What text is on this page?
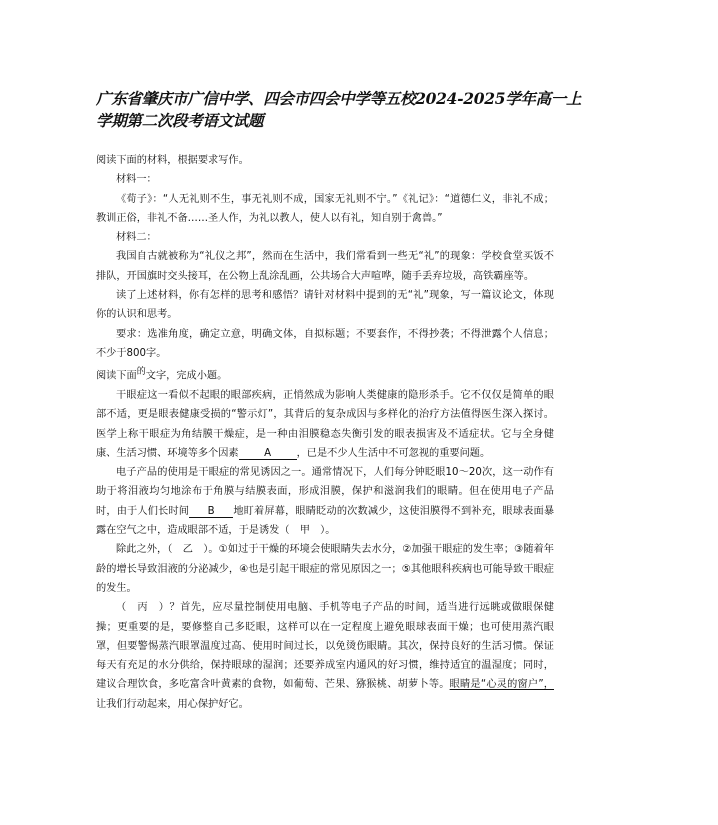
广东省肇庆市广信中学、四会市四会中学等五校2024-2025学年高一上
学期第二次段考语文试题

阅读下面的材料，根据要求写作。

材料一：

《荀子》：“人无礼则不生，事无礼则不成，国家无礼则不宁。”《礼记》：“道德仁义，非礼不成；教训正俗，非礼不备……圣人作，为礼以教人，使人以有礼，知自别于禽兽。”

材料二：

我国自古就被称为“礼仪之邦”，然而在生活中，我们常看到一些无“礼”的现象：学校食堂买饭不排队，开国旗时交头接耳，在公物上乱涂乱画，公共场合大声喧哗，随手丢弃垃圾，高铁霸座等。

读了上述材料，你有怎样的思考和感悟？请针对材料中提到的无“礼”现象，写一篇议论文，体现你的认识和思考。

要求：选准角度，确定立意，明确文体，自拟标题；不要套作，不得抄袭；不得泄露个人信息；不少于800字。

阅读下面$^的$文字，完成小题。

干眼症这一看似不起眼的眼部疾病，正悄然成为影响人类健康的隐形杀手。它不仅仅是简单的眼部不适，更是眼表健康受损的“警示灯”，其背后的复杂成因与多样化的治疗方法值得医生深入探讨。医学上称干眼症为角结膜干燥症，是一种由泪膜稳态失衡引发的眼表损害及不适症状。它与全身健康、生活习惯、环境等多个因素	A	，已是不少人生活中不可忽视的重要问题。

电子产品的使用是干眼症的常见诱因之一。通常情况下，人们每分钟眨眼10～20次，这一动作有助于将泪液均匀地涂布于角膜与结膜表面，形成泪膜，保护和滋润我们的眼睛。但在使用电子产品时，由于人们长时间 B 地盯着屏幕，眼睛眨动的次数减少，这使泪膜得不到补充，眼球表面暴露在空气之中，造成眼部不适，于是诱发（　甲　）。

除此之外，（　乙　）。①如过于干燥的环境会使眼睛失去水分，②加强干眼症的发生率；③随着年龄的增长导致泪液的分泌减少，④也是引起干眼症的常见原因之一；⑤其他眼科疾病也可能导致干眼症的发生。

（　丙　）？首先，应尽量控制使用电脑、手机等电子产品的时间，适当进行远眺或做眼保健操；更重要的是，要修整自己多眨眼，这样可以在一定程度上避免眼球表面干燥；也可使用蒸汽眼罩，但要警惕蒸汽眼罩温度过高、使用时间过长，以免烫伤眼睛。其次，保持良好的生活习惯。保证每天有充足的水分供给，保持眼球的湿润；还要养成室内通风的好习惯，维持适宜的温湿度；同时，建议合理饮食，多吃富含叶黄素的食物，如葡萄、芒果、猕猴桃、胡萝卜等。眼睛是“心灵的窗户”，让我们行动起来，用心保护好它。
